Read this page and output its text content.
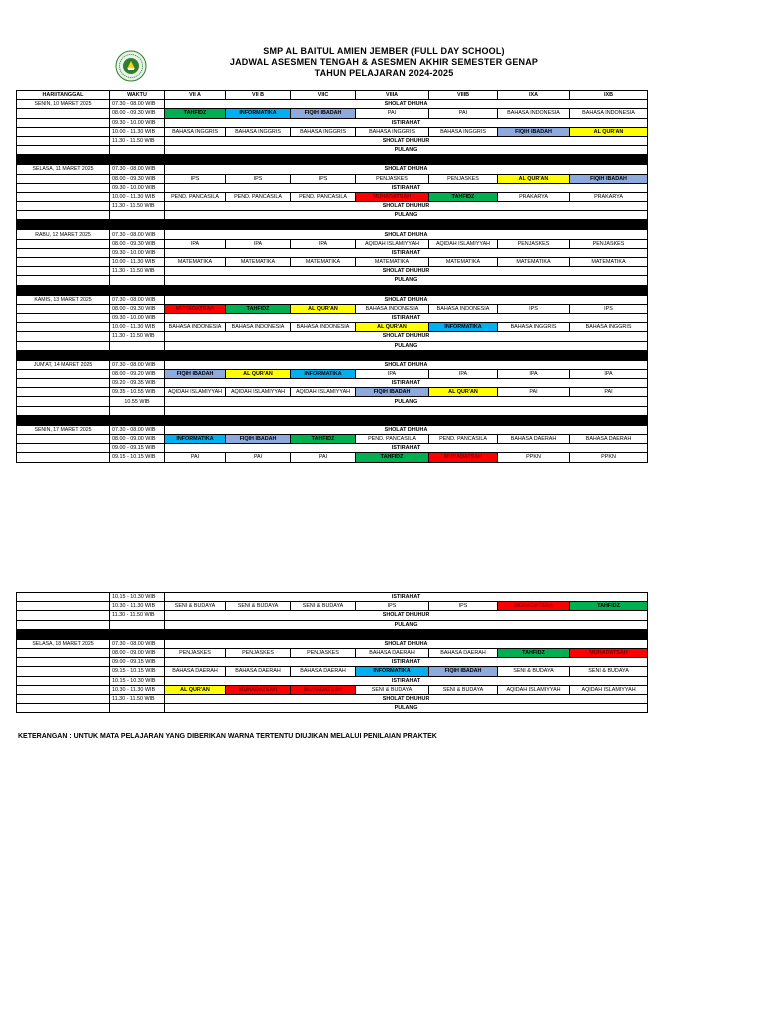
SMP AL BAITUL AMIEN JEMBER (FULL DAY SCHOOL)
JADWAL ASESMEN TENGAH & ASESMEN AKHIR SEMESTER GENAP
TAHUN PELAJARAN 2024-2025
HARI/TANGGAL	WAKTU	VII A	VII B	VIIC	VIIIA	VIIIB	IXA	IXB
SENIN, 10 MARET 2025	07.30 - 08.00 WIB	SHOLAT DHUHA						
	08.00 - 09.30 WIB	TAHFIDZ	INFORMATIKA	FIQIH IBADAH	PAI	PAI	BAHASA INDONESIA	BAHASA INDONESIA
	09.30 - 10.00 WIB	ISTIRAHAT						
	10.00 - 11.30 WIB	BAHASA INGGRIS	BAHASA INGGRIS	BAHASA INGGRIS	BAHASA INGGRIS	BAHASA INGGRIS	FIQIH IBADAH	AL QUR'AN
	11.30 - 11.50 WIB	SHOLAT DHUHUR						
		PULANG						

SELASA, 11 MARET 2025	07.30 - 08.00 WIB	SHOLAT DHUHA						
	08.00 - 09.30 WIB	IPS	IPS	IPS	PENJASKES	PENJASKES	AL QUR'AN	FIQIH IBADAH
	09.30 - 10.00 WIB	ISTIRAHAT						
	10.00 - 11.30 WIB	PEND. PANCASILA	PEND. PANCASILA	PEND. PANCASILA	MUHADATSAH	TAHFIDZ	PRAKARYA	PRAKARYA
	11.30 - 11.50 WIB	SHOLAT DHUHUR						
		PULANG						

RABU, 12 MARET 2025	07.30 - 08.00 WIB	SHOLAT DHUHA						
	08.00 - 09.30 WIB	IPA	IPA	IPA	AQIDAH ISLAMIYYAH	AQIDAH ISLAMIYYAH	PENJASKES	PENJASKES
	09.30 - 10.00 WIB	ISTIRAHAT						
	10.00 - 11.30 WIB	MATEMATIKA	MATEMATIKA	MATEMATIKA	MATEMATIKA	MATEMATIKA	MATEMATIKA	MATEMATIKA
	11.30 - 11.50 WIB	SHOLAT DHUHUR						
		PULANG						

KAMIS, 13 MARET 2025	07.30 - 08.00 WIB	SHOLAT DHUHA						
	08.00 - 09.30 WIB	MUHADATSAH	TAHFIDZ	AL QUR'AN	BAHASA INDONESIA	BAHASA INDONESIA	IPS	IPS
	09.30 - 10.00 WIB	ISTIRAHAT						
	10.00 - 11.30 WIB	BAHASA INDONESIA	BAHASA INDONESIA	BAHASA INDONESIA	AL QUR'AN	INFORMATIKA	BAHASA INGGRIS	BAHASA INGGRIS
	11.30 - 11.50 WIB	SHOLAT DHUHUR						
		PULANG						

JUM'AT, 14 MARET 2025	07.30 - 08.00 WIB	SHOLAT DHUHA						
	08.00 - 09.20 WIB	FIQIH IBADAH	AL QUR'AN	INFORMATIKA	IPA	IPA	IPA	IPA
	09.20 - 09.35 WIB	ISTIRAHAT						
	09.35 - 10.55 WIB	AQIDAH ISLAMIYYAH	AQIDAH ISLAMIYYAH	AQIDAH ISLAMIYYAH	FIQIH IBADAH	AL QUR'AN	PAI	PAI
	10.55 WIB	PULANG						

SENIN, 17 MARET 2025	07.30 - 08.00 WIB	SHOLAT DHUHA						
	08.00 - 09.00 WIB	INFORMATIKA	FIQIH IBADAH	TAHFIDZ	PEND. PANCASILA	PEND. PANCASILA	BAHASA DAERAH	BAHASA DAERAH
	09.00 - 09.15 WIB	ISTIRAHAT						
	09.15 - 10.15 WIB	PAI	PAI	PAI	TAHFIDZ	MUHADATSAH	PPKN	PPKN
	10.15 - 10.30 WIB	ISTIRAHAT						
	10.30 - 11.30 WIB	SENI & BUDAYA	SENI & BUDAYA	SENI & BUDAYA	IPS	IPS	MUHADATSAH	TAHFIDZ
	11.30 - 11.50 WIB	SHOLAT DHUHUR						
		PULANG						

SELASA, 18 MARET 2025	07.30 - 08.00 WIB	SHOLAT DHUHA						
	08.00 - 09.00 WIB	PENJASKES	PENJASKES	PENJASKES	BAHASA DAERAH	BAHASA DAERAH	TAHFIDZ	MUHADATSAH
	09.00 - 09.15 WIB	ISTIRAHAT						
	09.15 - 10.15 WIB	BAHASA DAERAH	BAHASA DAERAH	BAHASA DAERAH	INFORMATIKA	FIQIH IBADAH	SENI & BUDAYA	SENI & BUDAYA
	10.15 - 10.30 WIB	ISTIRAHAT						
	10.30 - 11.30 WIB	AL QUR'AN	MUHADATSAH	MUHADATSAH	SENI & BUDAYA	SENI & BUDAYA	AQIDAH ISLAMIYYAH	AQIDAH ISLAMIYYAH
	11.30 - 11.50 WIB	SHOLAT DHUHUR						
		PULANG						
KETERANGAN : UNTUK MATA PELAJARAN YANG DIBERIKAN WARNA TERTENTU DIUJIKAN MELALUI PENILAIAN PRAKTEK
